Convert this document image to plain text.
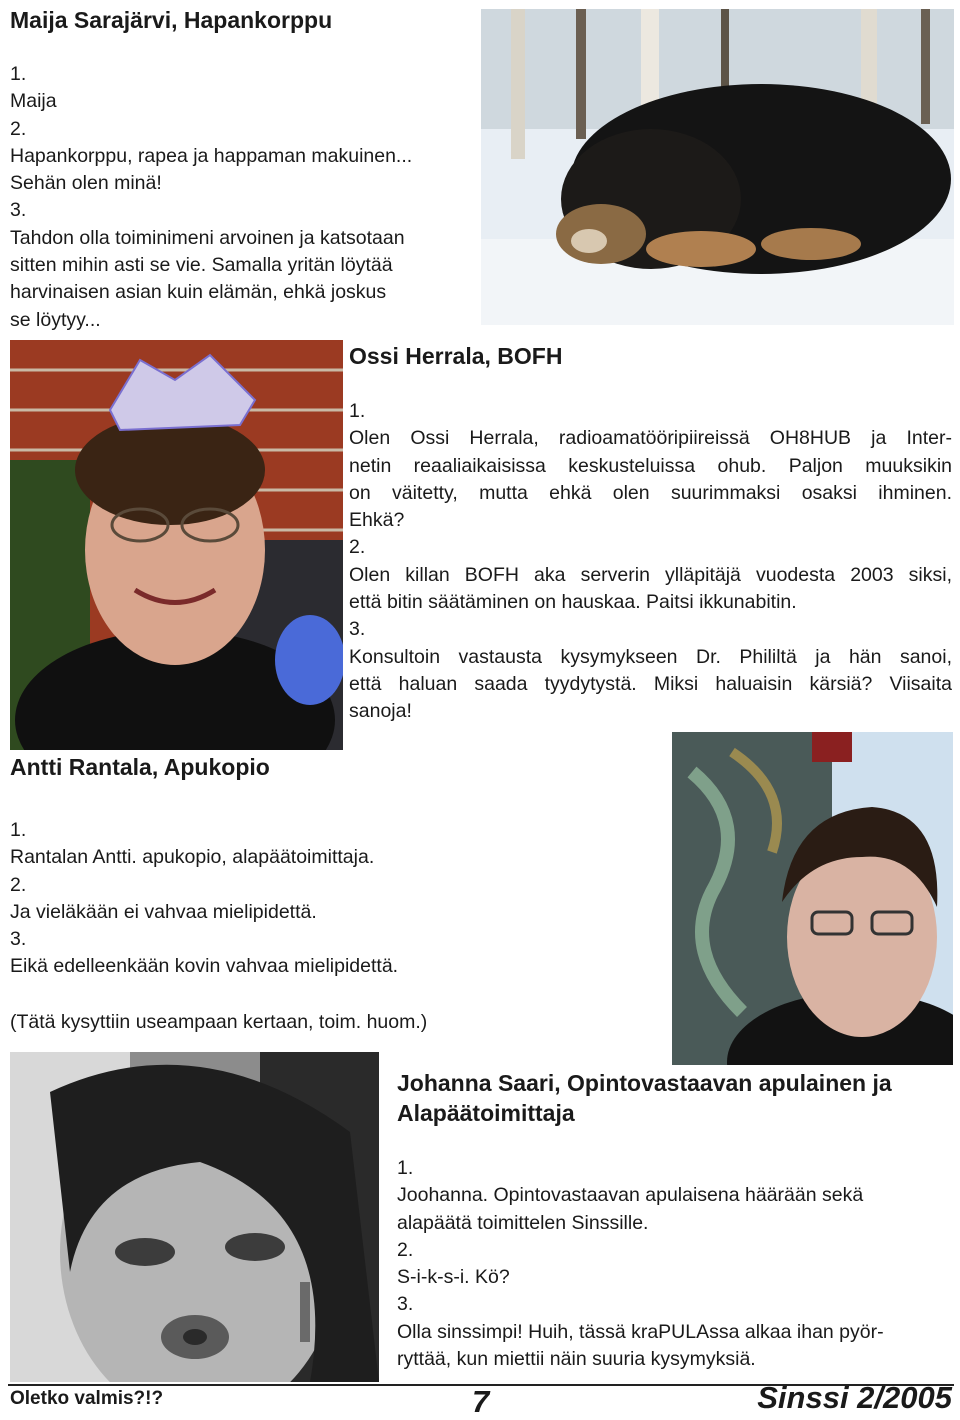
Maija Sarajärvi, Hapankorppu
1.
Maija
2.
Hapankorppu, rapea ja happaman makuinen...
Sehän olen minä!
3.
Tahdon olla toiminimeni arvoinen ja katsotaan
sitten mihin asti se vie. Samalla yritän löytää
harvinaisen asian kuin elämän, ehkä joskus
se löytyy...
Ossi Herrala, BOFH
1.
Olen Ossi Herrala, radioamatööripiireissä OH8HUB ja Inter-
netin reaaliaikaisissa keskusteluissa ohub. Paljon muuksikin
on väitetty, mutta ehkä olen suurimmaksi osaksi ihminen.
Ehkä?
2.
Olen killan BOFH aka serverin ylläpitäjä vuodesta 2003 siksi,
että bitin säätäminen on hauskaa. Paitsi ikkunabitin.
3.
Konsultoin vastausta kysymykseen Dr. Phililtä ja hän sanoi,
että haluan saada tyydytystä. Miksi haluaisin kärsiä? Viisaita
sanoja!
Antti Rantala, Apukopio
1.
Rantalan Antti. apukopio, alapäätoimittaja.
2.
Ja vieläkään ei vahvaa mielipidettä.
3.
Eikä edelleenkään kovin vahvaa mielipidettä.
(Tätä kysyttiin useampaan kertaan, toim. huom.)
Johanna Saari, Opintovastaavan apulainen ja
Alapäätoimittaja
1.
Joohanna. Opintovastaavan apulaisena häärään sekä
alapäätä toimittelen Sinssille.
2.
S-i-k-s-i. Kö?
3.
Olla sinssimpi! Huih, tässä kraPULAssa alkaa ihan pyör-
ryttää, kun miettii näin suuria kysymyksiä.
Oletko valmis?!?	7	Sinssi 2/2005
